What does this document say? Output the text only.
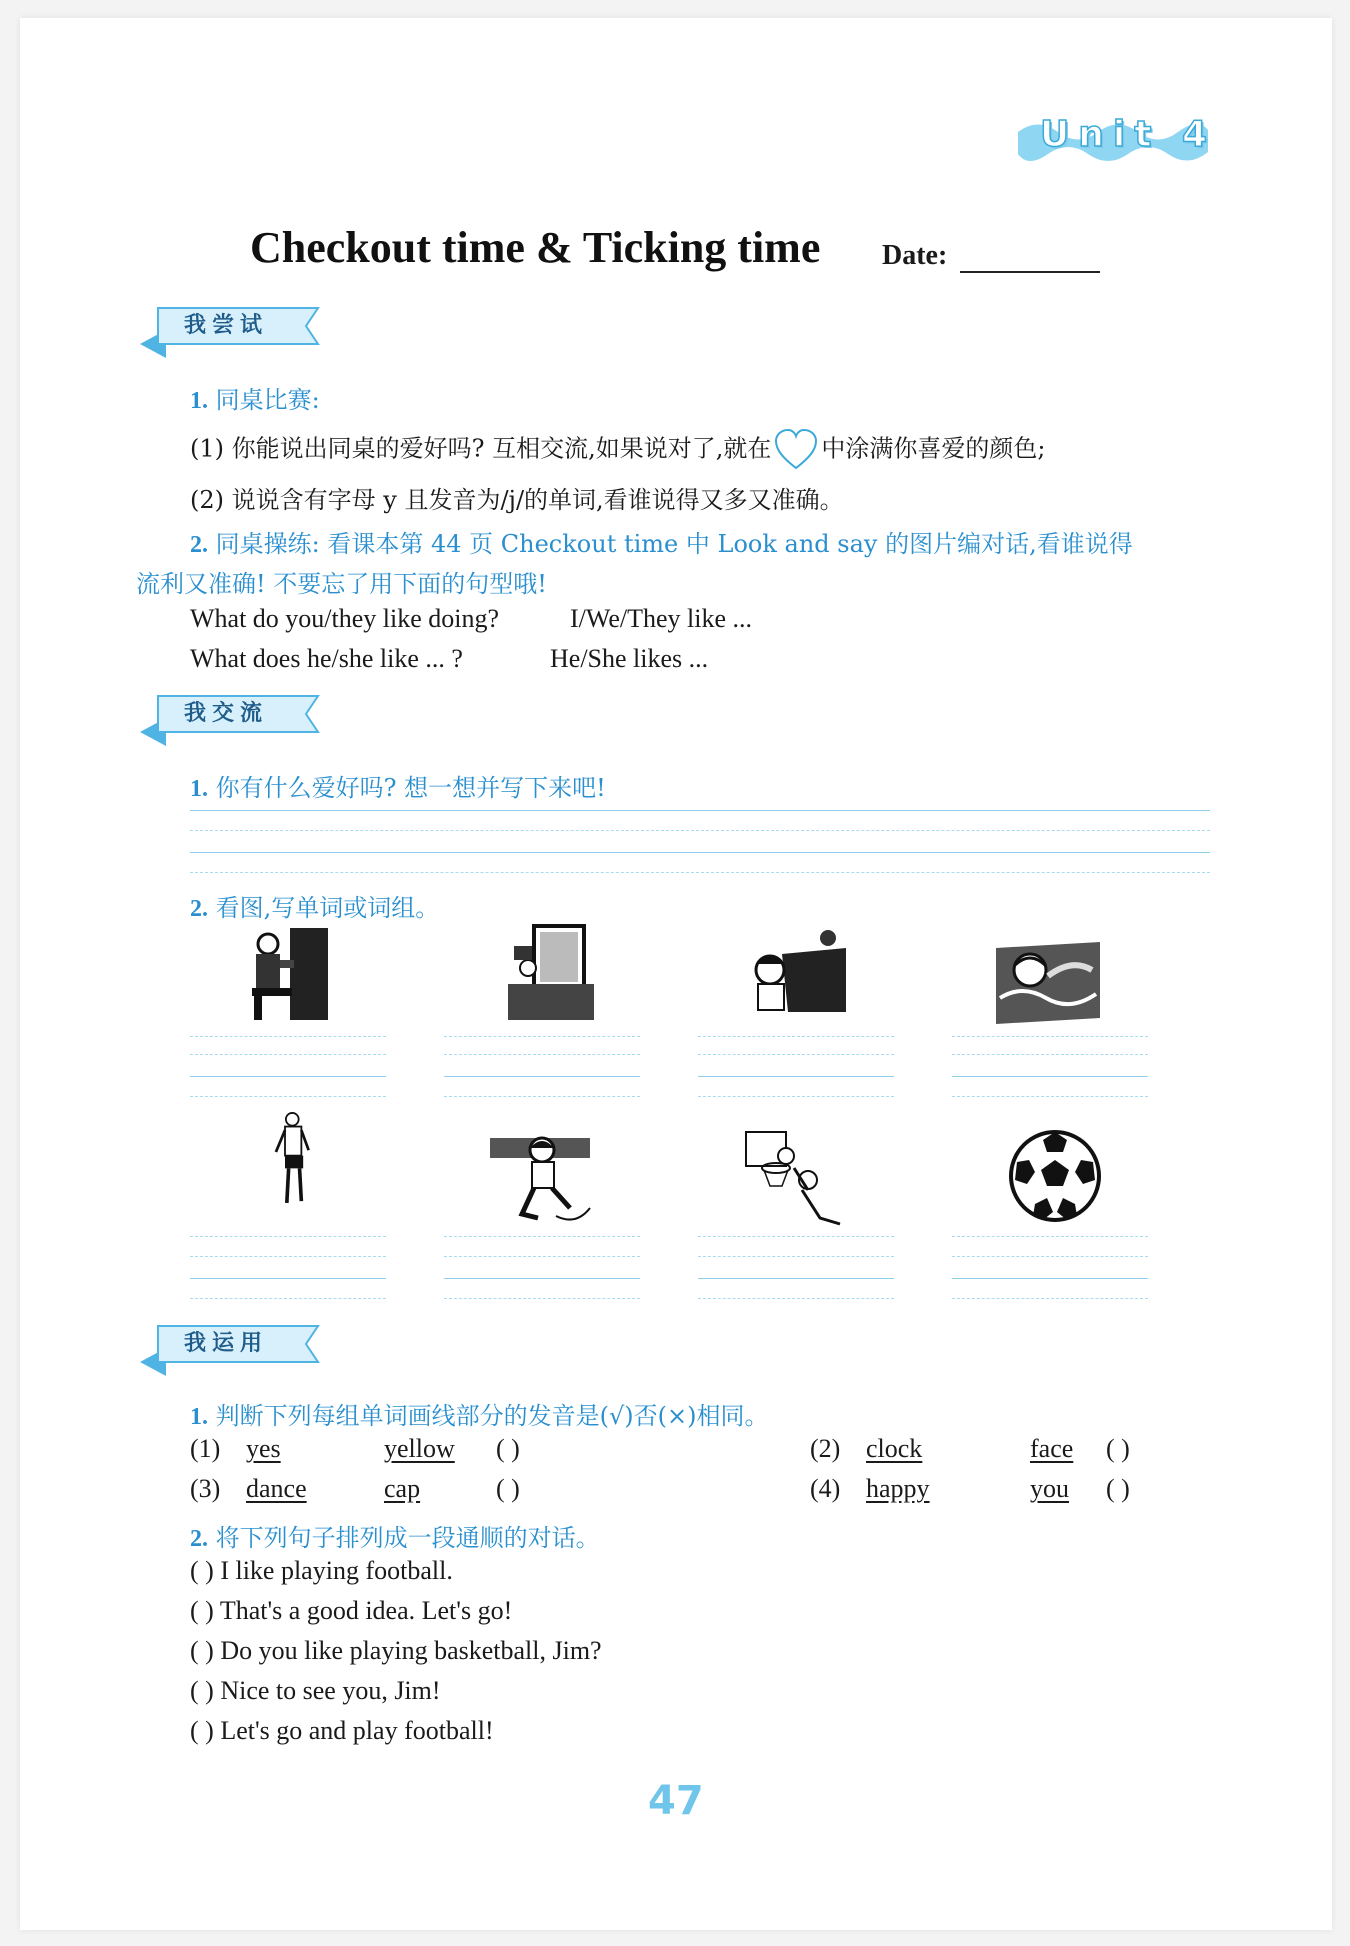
Unit 4
Checkout time & Ticking time Date:
我尝试
1. 同桌比赛:
(1) 你能说出同桌的爱好吗? 互相交流,如果说对了,就在 中涂满你喜爱的颜色;
(2) 说说含有字母 y 且发音为/j/的单词,看谁说得又多又准确。
2. 同桌操练: 看课本第 44 页 Checkout time 中 Look and say 的图片编对话,看谁说得
流利又准确! 不要忘了用下面的句型哦!
What do you/they like doing?	I/We/They like ...
What does he/she like ... ?	He/She likes ...
我交流
1. 你有什么爱好吗? 想一想并写下来吧!
2. 看图,写单词或词组。
我运用
1. 判断下列每组单词画线部分的发音是(√)否(×)相同。
(1) yes	yellow ( )	(2) clock	face ( )
(3) dance	cap	( )	(4) happy	you ( )
2. 将下列句子排列成一段通顺的对话。
( ) I like playing football.
( ) That's a good idea. Let's go!
( ) Do you like playing basketball, Jim?
( ) Nice to see you, Jim!
( ) Let's go and play football!
47
